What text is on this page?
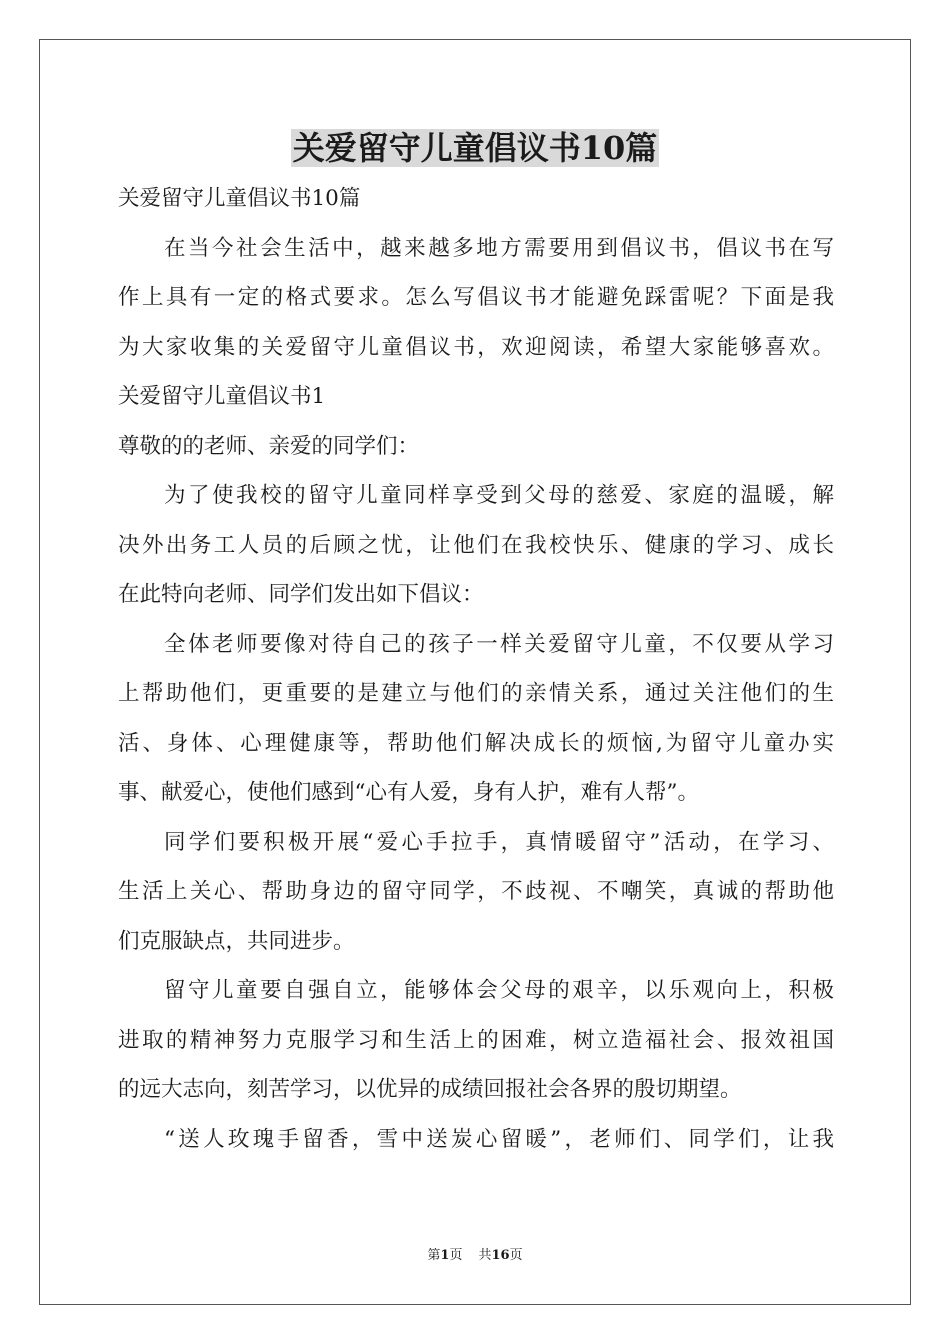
关爱留守儿童倡议书10篇
关爱留守儿童倡议书10篇
在当今社会生活中，越来越多地方需要用到倡议书，倡议书在写
作上具有一定的格式要求。怎么写倡议书才能避免踩雷呢？下面是我
为大家收集的关爱留守儿童倡议书，欢迎阅读，希望大家能够喜欢。
关爱留守儿童倡议书1
尊敬的的老师、亲爱的同学们：
为了使我校的留守儿童同样享受到父母的慈爱、家庭的温暖，解
决外出务工人员的后顾之忧，让他们在我校快乐、健康的学习、成长
在此特向老师、同学们发出如下倡议：
全体老师要像对待自己的孩子一样关爱留守儿童，不仅要从学习
上帮助他们，更重要的是建立与他们的亲情关系，通过关注他们的生
活、身体、心理健康等，帮助他们解决成长的烦恼,为留守儿童办实
事、献爱心，使他们感到“心有人爱，身有人护，难有人帮”。
同学们要积极开展“爱心手拉手，真情暖留守”活动，在学习、
生活上关心、帮助身边的留守同学，不歧视、不嘲笑，真诚的帮助他
们克服缺点，共同进步。
留守儿童要自强自立，能够体会父母的艰辛，以乐观向上，积极
进取的精神努力克服学习和生活上的困难，树立造福社会、报效祖国
的远大志向，刻苦学习，以优异的成绩回报社会各界的殷切期望。
“送人玫瑰手留香，雪中送炭心留暖”，老师们、同学们，让我
第1页 共16页
